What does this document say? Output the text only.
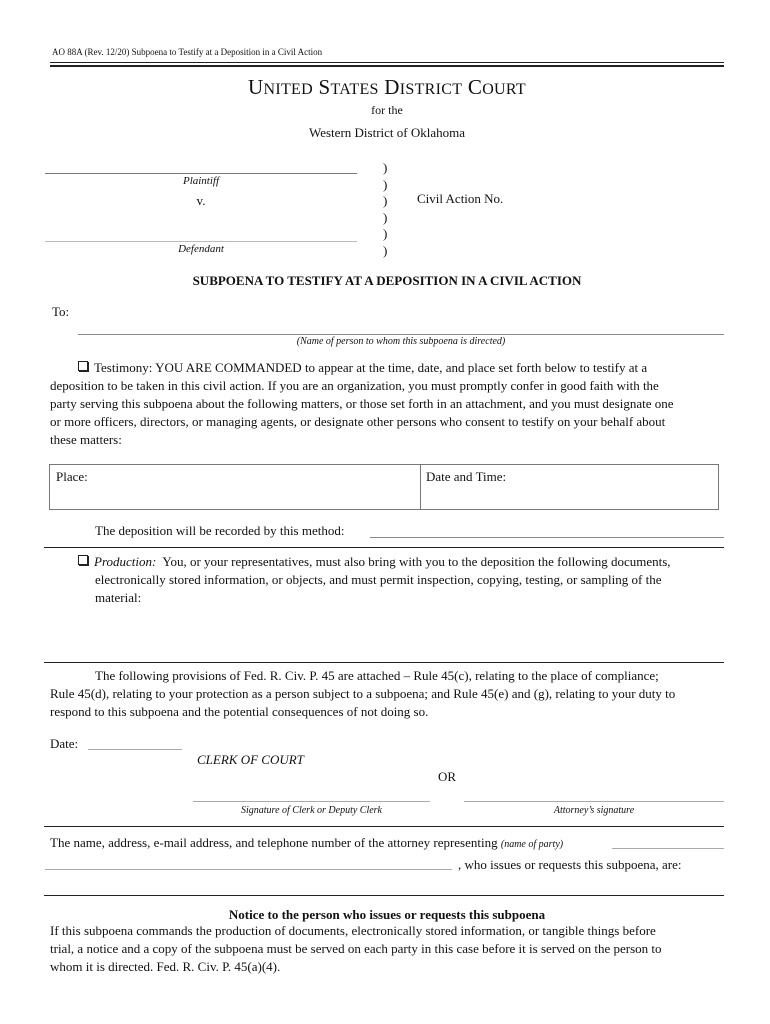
AO 88A (Rev. 12/20) Subpoena to Testify at a Deposition in a Civil Action
UNITED STATES DISTRICT COURT
for the
Western District of Oklahoma
Plaintiff
v.
Defendant
)
)
)
)
)
)
Civil Action No.
SUBPOENA TO TESTIFY AT A DEPOSITION IN A CIVIL ACTION
To:
(Name of person to whom this subpoena is directed)
Testimony: YOU ARE COMMANDED to appear at the time, date, and place set forth below to testify at a
deposition to be taken in this civil action. If you are an organization, you must promptly confer in good faith with the
party serving this subpoena about the following matters, or those set forth in an attachment, and you must designate one
or more officers, directors, or managing agents, or designate other persons who consent to testify on your behalf about
these matters:
Place:	Date and Time:
The deposition will be recorded by this method:
Production: You, or your representatives, must also bring with you to the deposition the following documents,
electronically stored information, or objects, and must permit inspection, copying, testing, or sampling of the
material:
The following provisions of Fed. R. Civ. P. 45 are attached – Rule 45(c), relating to the place of compliance;
Rule 45(d), relating to your protection as a person subject to a subpoena; and Rule 45(e) and (g), relating to your duty to
respond to this subpoena and the potential consequences of not doing so.
Date:
CLERK OF COURT
OR
Signature of Clerk or Deputy Clerk	Attorney’s signature
The name, address, e-mail address, and telephone number of the attorney representing (name of party)
, who issues or requests this subpoena, are:
Notice to the person who issues or requests this subpoena
If this subpoena commands the production of documents, electronically stored information, or tangible things before
trial, a notice and a copy of the subpoena must be served on each party in this case before it is served on the person to
whom it is directed. Fed. R. Civ. P. 45(a)(4).
